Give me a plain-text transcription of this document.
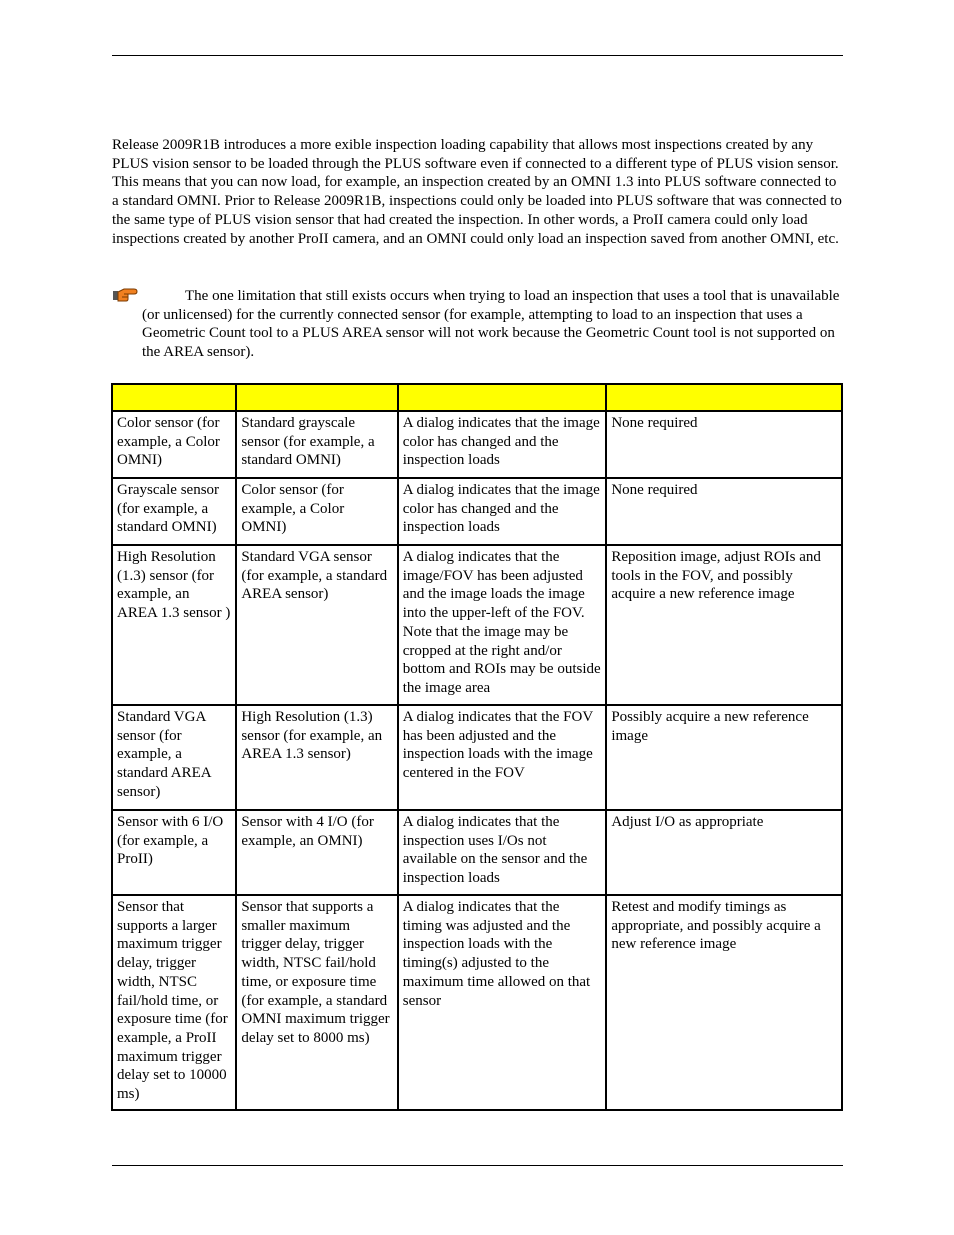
Release 2009R1B introduces a more exible inspection loading capability that allows most inspections created by any PLUS vision sensor to be loaded through the PLUS software even if connected to a different type of PLUS vision sensor. This means that you can now load, for example, an inspection created by an OMNI 1.3 into PLUS software connected to a standard OMNI. Prior to Release 2009R1B, inspections could only be loaded into PLUS software that was connected to the same type of PLUS vision sensor that had created the inspection. In other words, a ProII camera could only load inspections created by another ProII camera, and an OMNI could only load an inspection saved from another OMNI, etc.

The one limitation that still exists occurs when trying to load an inspection that uses a tool that is unavailable (or unlicensed) for the currently connected sensor (for example, attempting to load to an inspection that uses a Geometric Count tool to a PLUS AREA sensor will not work because the Geometric Count tool is not supported on the AREA sensor).

Color sensor (for example, a Color OMNI)	Standard grayscale sensor (for example, a standard OMNI)	A dialog indicates that the image color has changed and the inspection loads	None required
Grayscale sensor (for example, a standard OMNI)	Color sensor (for example, a Color OMNI)	A dialog indicates that the image color has changed and the inspection loads	None required
High Resolution (1.3) sensor (for example, an AREA 1.3 sensor )	Standard VGA sensor (for example, a standard AREA sensor)	A dialog indicates that the image/FOV has been adjusted and the image loads the image into the upper-left of the FOV. Note that the image may be cropped at the right and/or bottom and ROIs may be outside the image area	Reposition image, adjust ROIs and tools in the FOV, and possibly acquire a new reference image
Standard VGA sensor (for example, a standard AREA sensor)	High Resolution (1.3) sensor (for example, an AREA 1.3 sensor)	A dialog indicates that the FOV has been adjusted and the inspection loads with the image centered in the FOV	Possibly acquire a new reference image
Sensor with 6 I/O (for example, a ProII)	Sensor with 4 I/O (for example, an OMNI)	A dialog indicates that the inspection uses I/Os not available on the sensor and the inspection loads	Adjust I/O as appropriate
Sensor that supports a larger maximum trigger delay, trigger width, NTSC fail/hold time, or exposure time (for example, a ProII maximum trigger delay set to 10000 ms)	Sensor that supports a smaller maximum trigger delay, trigger width, NTSC fail/hold time, or exposure time (for example, a standard OMNI maximum trigger delay set to 8000 ms)	A dialog indicates that the timing was adjusted and the inspection loads with the timing(s) adjusted to the maximum time allowed on that sensor	Retest and modify timings as appropriate, and possibly acquire a new reference image
